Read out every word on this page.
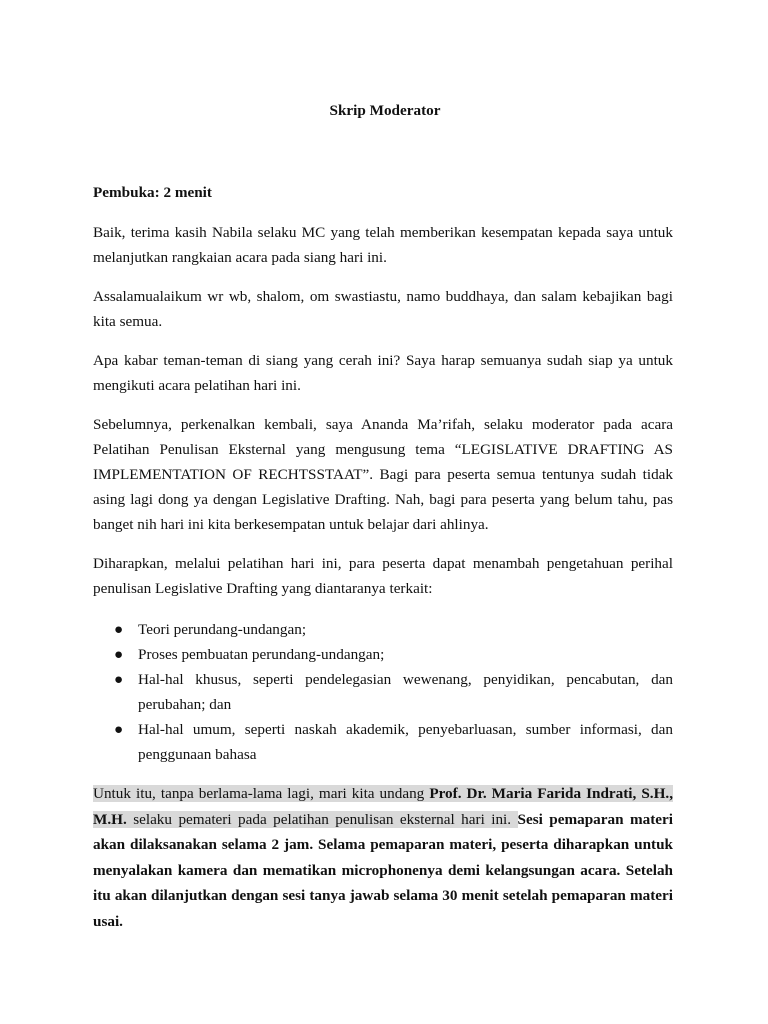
Skrip Moderator

Pembuka: 2 menit

Baik, terima kasih Nabila selaku MC yang telah memberikan kesempatan kepada saya untuk melanjutkan rangkaian acara pada siang hari ini.

Assalamualaikum wr wb, shalom, om swastiastu, namo buddhaya, dan salam kebajikan bagi kita semua.

Apa kabar teman-teman di siang yang cerah ini? Saya harap semuanya sudah siap ya untuk mengikuti acara pelatihan hari ini.

Sebelumnya, perkenalkan kembali, saya Ananda Ma’rifah, selaku moderator pada acara Pelatihan Penulisan Eksternal yang mengusung tema “LEGISLATIVE DRAFTING AS IMPLEMENTATION OF RECHTSSTAAT”. Bagi para peserta semua tentunya sudah tidak asing lagi dong ya dengan Legislative Drafting. Nah, bagi para peserta yang belum tahu, pas banget nih hari ini kita berkesempatan untuk belajar dari ahlinya.

Diharapkan, melalui pelatihan hari ini, para peserta dapat menambah pengetahuan perihal penulisan Legislative Drafting yang diantaranya terkait:

● Teori perundang-undangan;
● Proses pembuatan perundang-undangan;
● Hal-hal khusus, seperti pendelegasian wewenang, penyidikan, pencabutan, dan perubahan; dan
● Hal-hal umum, seperti naskah akademik, penyebarluasan, sumber informasi, dan penggunaan bahasa

Untuk itu, tanpa berlama-lama lagi, mari kita undang Prof. Dr. Maria Farida Indrati, S.H., M.H. selaku pemateri pada pelatihan penulisan eksternal hari ini. Sesi pemaparan materi akan dilaksanakan selama 2 jam. Selama pemaparan materi, peserta diharapkan untuk menyalakan kamera dan mematikan microphonenya demi kelangsungan acara. Setelah itu akan dilanjutkan dengan sesi tanya jawab selama 30 menit setelah pemaparan materi usai.
